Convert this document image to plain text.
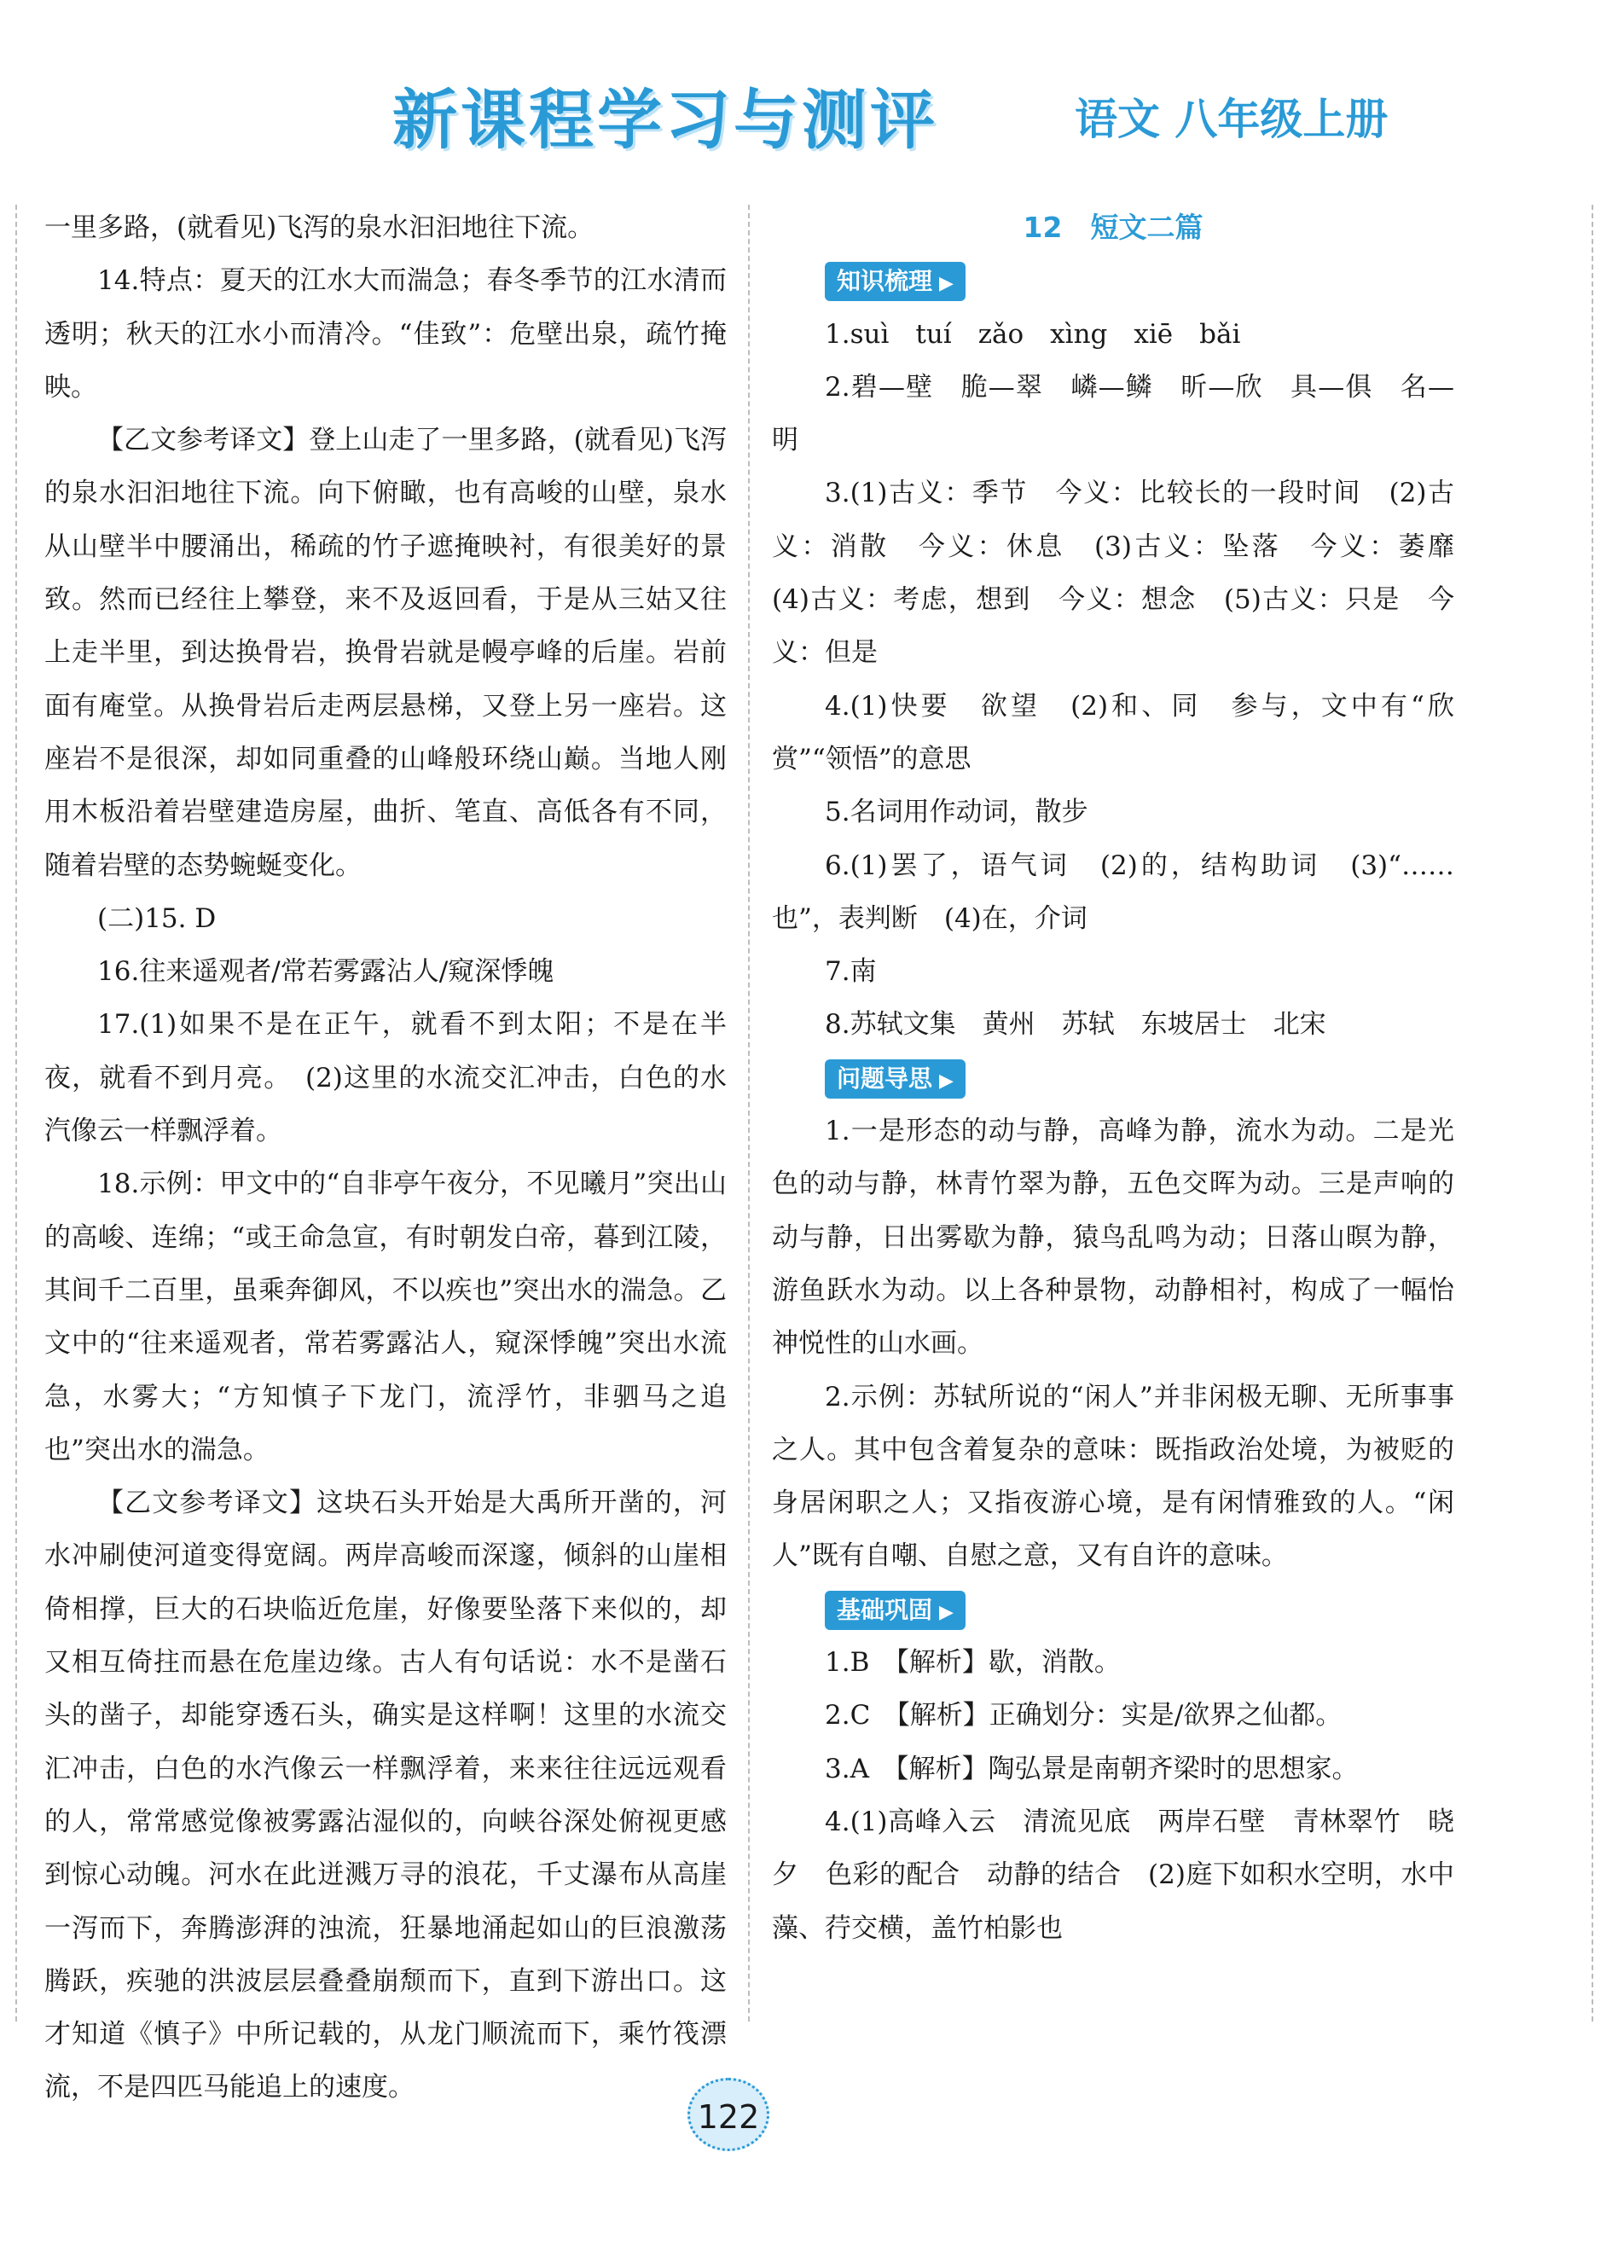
新课程学习与测评	语文 八年级上册

一里多路，(就看见)飞泻的泉水汩汩地往下流。

14.特点：夏天的江水大而湍急；春冬季节的江水清而透明；秋天的江水小而清冷。“佳致”：危壁出泉，疏竹掩映。

【乙文参考译文】登上山走了一里多路，(就看见)飞泻的泉水汩汩地往下流。向下俯瞰，也有高峻的山壁，泉水从山壁半中腰涌出，稀疏的竹子遮掩映衬，有很美好的景致。然而已经往上攀登，来不及返回看，于是从三姑又往上走半里，到达换骨岩，换骨岩就是幔亭峰的后崖。岩前面有庵堂。从换骨岩后走两层悬梯，又登上另一座岩。这座岩不是很深，却如同重叠的山峰般环绕山巅。当地人刚用木板沿着岩壁建造房屋，曲折、笔直、高低各有不同，随着岩壁的态势蜿蜒变化。

(二)15. D

16.往来遥观者/常若雾露沾人/窥深悸魄

17.(1)如果不是在正午，就看不到太阳；不是在半夜，就看不到月亮。　(2)这里的水流交汇冲击，白色的水汽像云一样飘浮着。

18.示例：甲文中的“自非亭午夜分，不见曦月”突出山的高峻、连绵；“或王命急宣，有时朝发白帝，暮到江陵，其间千二百里，虽乘奔御风，不以疾也”突出水的湍急。乙文中的“往来遥观者，常若雾露沾人，窥深悸魄”突出水流急，水雾大；“方知慎子下龙门，流浮竹，非驷马之追也”突出水的湍急。

【乙文参考译文】这块石头开始是大禹所开凿的，河水冲刷使河道变得宽阔。两岸高峻而深邃，倾斜的山崖相倚相撑，巨大的石块临近危崖，好像要坠落下来似的，却又相互倚拄而悬在危崖边缘。古人有句话说：水不是凿石头的凿子，却能穿透石头，确实是这样啊！这里的水流交汇冲击，白色的水汽像云一样飘浮着，来来往往远远观看的人，常常感觉像被雾露沾湿似的，向峡谷深处俯视更感到惊心动魄。河水在此迸溅万寻的浪花，千丈瀑布从高崖一泻而下，奔腾澎湃的浊流，狂暴地涌起如山的巨浪激荡腾跃，疾驰的洪波层层叠叠崩颓而下，直到下游出口。这才知道《慎子》中所记载的，从龙门顺流而下，乘竹筏漂流，不是四匹马能追上的速度。

12　短文二篇
知识梳理 ▶

1.suì　tuí　zǎo　xìng　xiē　bǎi

2.碧—壁　脆—翠　嶙—鳞　昕—欣　具—俱　名—明

3.(1)古义：季节　今义：比较长的一段时间　(2)古义：消散　今义：休息　(3)古义：坠落　今义：萎靡　(4)古义：考虑，想到　今义：想念　(5)古义：只是　今义：但是

4.(1)快要　欲望　(2)和、同　参与，文中有“欣赏”“领悟”的意思

5.名词用作动词，散步

6.(1)罢了，语气词　(2)的，结构助词　(3)“……也”，表判断　(4)在，介词

7.南

8.苏轼文集　黄州　苏轼　东坡居士　北宋

问题导思 ▶

1.一是形态的动与静，高峰为静，流水为动。二是光色的动与静，林青竹翠为静，五色交晖为动。三是声响的动与静，日出雾歇为静，猿鸟乱鸣为动；日落山暝为静，游鱼跃水为动。以上各种景物，动静相衬，构成了一幅怡神悦性的山水画。

2.示例：苏轼所说的“闲人”并非闲极无聊、无所事事之人。其中包含着复杂的意味：既指政治处境，为被贬的身居闲职之人；又指夜游心境，是有闲情雅致的人。“闲人”既有自嘲、自慰之意，又有自许的意味。

基础巩固 ▶

1.B　【解析】歇，消散。

2.C　【解析】正确划分：实是/欲界之仙都。

3.A　【解析】陶弘景是南朝齐梁时的思想家。

4.(1)高峰入云　清流见底　两岸石壁　青林翠竹　晓　夕　色彩的配合　动静的结合　(2)庭下如积水空明，水中藻、荇交横，盖竹柏影也

122
